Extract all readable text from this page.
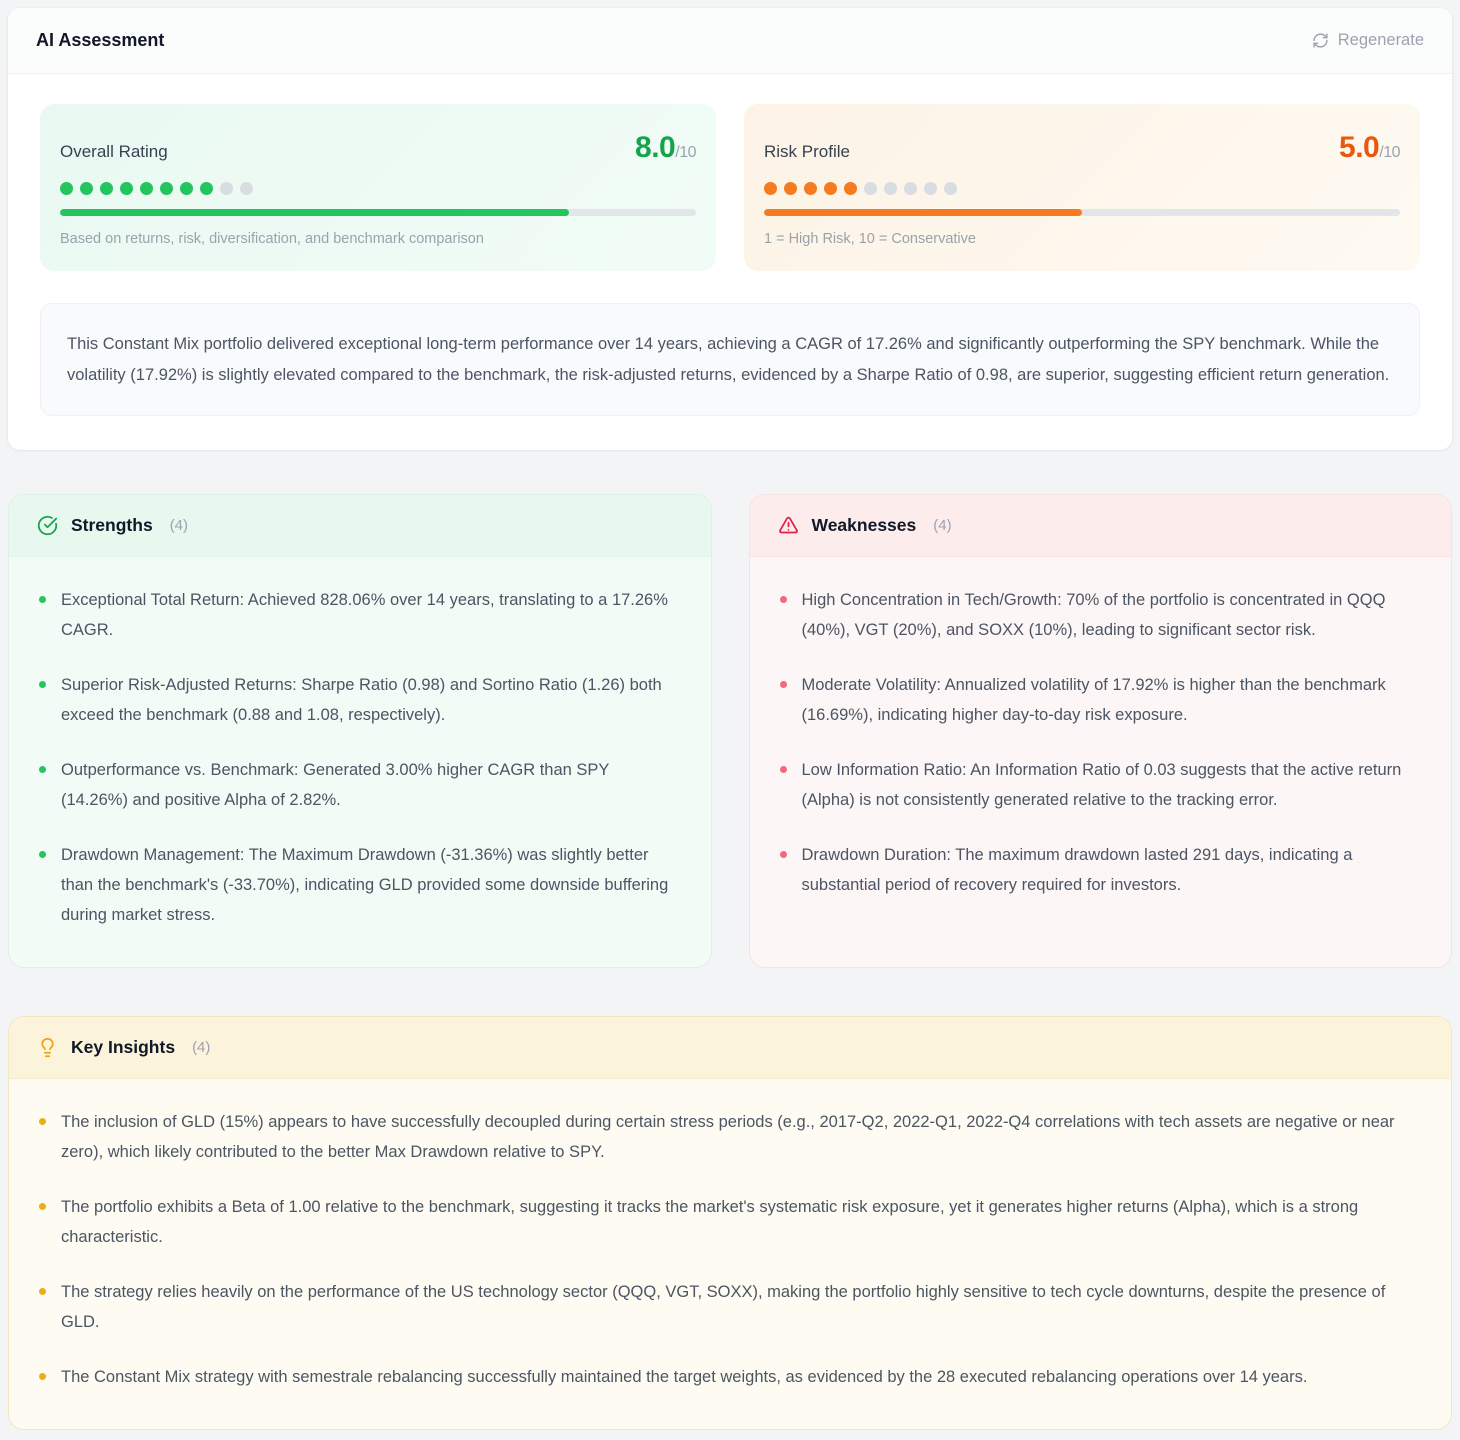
AI Assessment	Regenerate
Overall Rating	8.0/10
Based on returns, risk, diversification, and benchmark comparison
Risk Profile	5.0/10
1 = High Risk, 10 = Conservative
This Constant Mix portfolio delivered exceptional long-term performance over 14 years, achieving a CAGR of 17.26% and significantly outperforming the SPY benchmark. While the volatility (17.92%) is slightly elevated compared to the benchmark, the risk-adjusted returns, evidenced by a Sharpe Ratio of 0.98, are superior, suggesting efficient return generation.
Strengths (4)
Exceptional Total Return: Achieved 828.06% over 14 years, translating to a 17.26% CAGR.
Superior Risk-Adjusted Returns: Sharpe Ratio (0.98) and Sortino Ratio (1.26) both exceed the benchmark (0.88 and 1.08, respectively).
Outperformance vs. Benchmark: Generated 3.00% higher CAGR than SPY (14.26%) and positive Alpha of 2.82%.
Drawdown Management: The Maximum Drawdown (-31.36%) was slightly better than the benchmark's (-33.70%), indicating GLD provided some downside buffering during market stress.
Weaknesses (4)
High Concentration in Tech/Growth: 70% of the portfolio is concentrated in QQQ (40%), VGT (20%), and SOXX (10%), leading to significant sector risk.
Moderate Volatility: Annualized volatility of 17.92% is higher than the benchmark (16.69%), indicating higher day-to-day risk exposure.
Low Information Ratio: An Information Ratio of 0.03 suggests that the active return (Alpha) is not consistently generated relative to the tracking error.
Drawdown Duration: The maximum drawdown lasted 291 days, indicating a substantial period of recovery required for investors.
Key Insights (4)
The inclusion of GLD (15%) appears to have successfully decoupled during certain stress periods (e.g., 2017-Q2, 2022-Q1, 2022-Q4 correlations with tech assets are negative or near zero), which likely contributed to the better Max Drawdown relative to SPY.
The portfolio exhibits a Beta of 1.00 relative to the benchmark, suggesting it tracks the market's systematic risk exposure, yet it generates higher returns (Alpha), which is a strong characteristic.
The strategy relies heavily on the performance of the US technology sector (QQQ, VGT, SOXX), making the portfolio highly sensitive to tech cycle downturns, despite the presence of GLD.
The Constant Mix strategy with semestrale rebalancing successfully maintained the target weights, as evidenced by the 28 executed rebalancing operations over 14 years.
